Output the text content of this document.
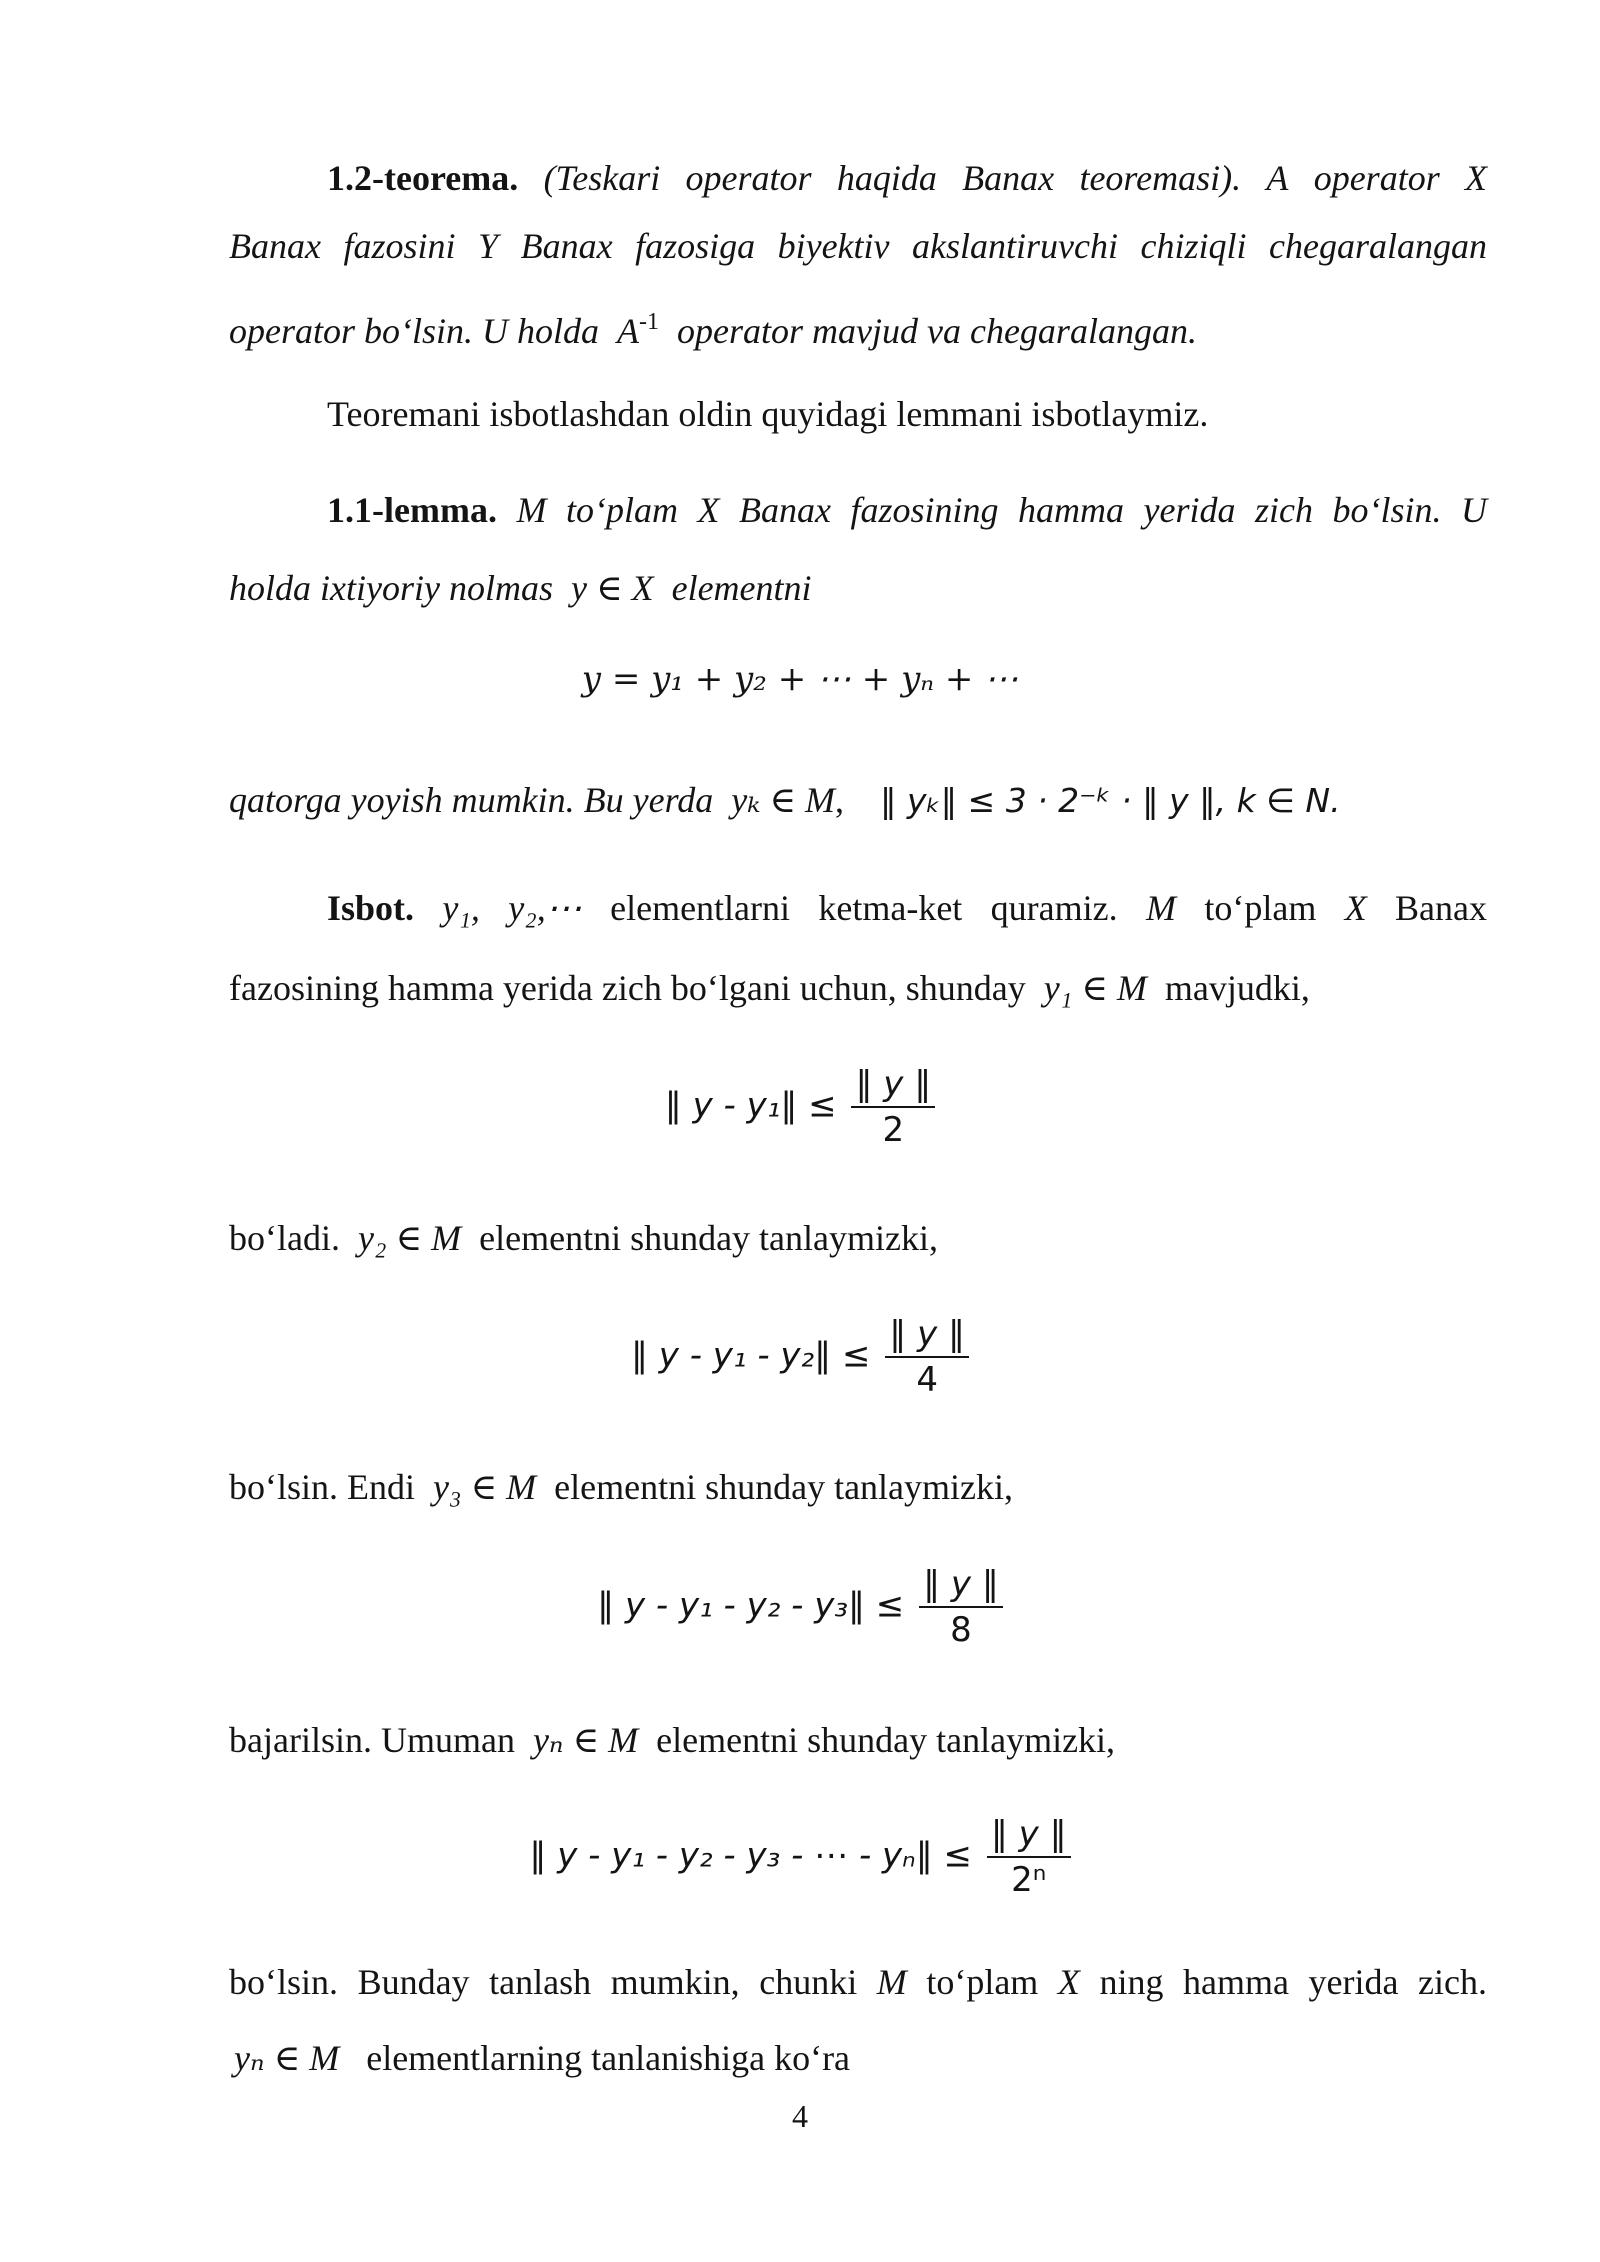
1.2-teorema. (Teskari operator haqida Banax teoremasi). A operator X
Banax fazosini Y Banax fazosiga biyektiv akslantiruvchi chiziqli chegaralangan
operator bo‘lsin. U holda $A^{-1}$ operator mavjud va chegaralangan.
Teoremani isbotlashdan oldin quyidagi lemmani isbotlaymiz.
1.1-lemma. M to‘plam X Banax fazosining hamma yerida zich bo‘lsin. U
holda ixtiyoriy nolmas y ∈ X elementni
y = y₁ + y₂ + ⋯ + yₙ + ⋯
qatorga yoyish mumkin. Bu yerda yₖ ∈ M, ‖ yₖ‖ ≤ 3 · 2⁻ᵏ · ‖ y ‖, k ∈ N.
Isbot. y₁, y₂,⋯ elementlarni ketma-ket quramiz. M to‘plam X Banax
fazosining hamma yerida zich bo‘lgani uchun, shunday y₁ ∈ M mavjudki,
‖ y - y₁‖ ≤ $\frac{‖ y ‖}{2}$
bo‘ladi. y₂ ∈ M elementni shunday tanlaymizki,
‖ y - y₁ - y₂‖ ≤ $\frac{‖ y ‖}{4}$
bo‘lsin. Endi y₃ ∈ M elementni shunday tanlaymizki,
‖ y - y₁ - y₂ - y₃‖ ≤ $\frac{‖ y ‖}{8}$
bajarilsin. Umuman yₙ ∈ M elementni shunday tanlaymizki,
‖ y - y₁ - y₂ - y₃ - ⋯ - yₙ‖ ≤ $\frac{‖ y ‖}{\text{2ⁿ}}$
bo‘lsin. Bunday tanlash mumkin, chunki M to‘plam X ning hamma yerida zich.
yₙ ∈ M elementlarning tanlanishiga ko‘ra
4
